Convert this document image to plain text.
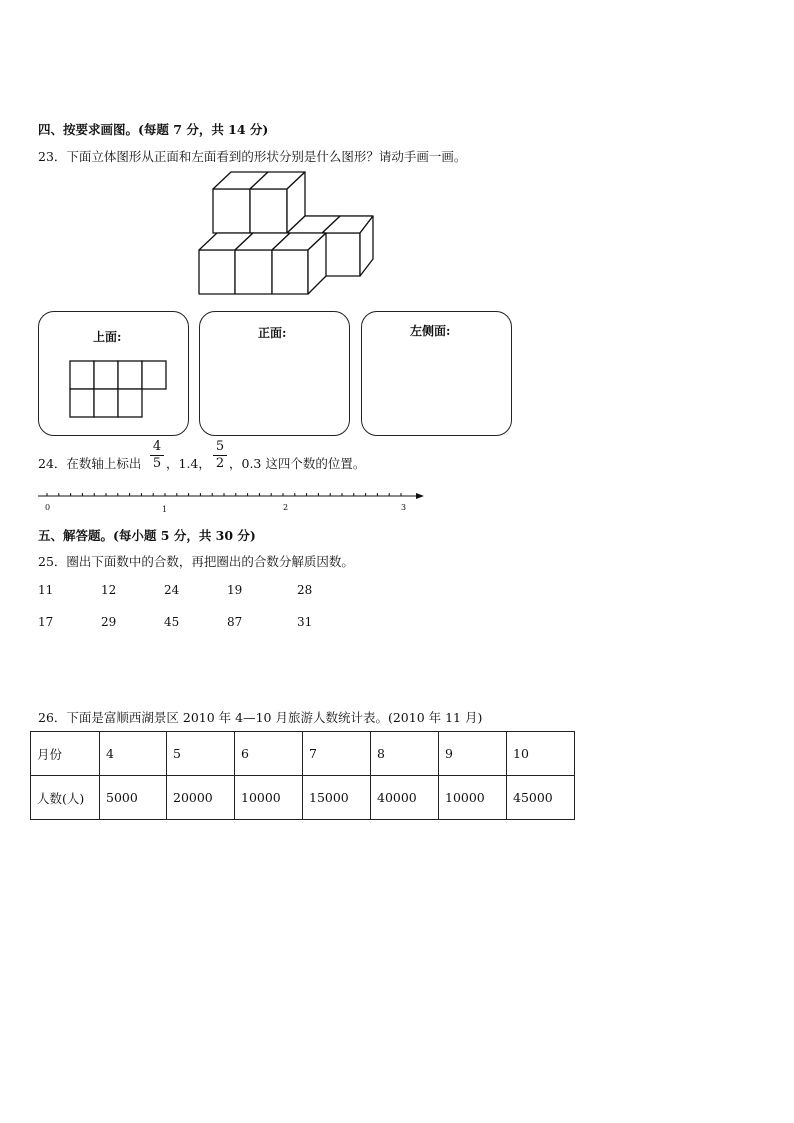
四、按要求画图。(每题 7 分，共 14 分)
23．下面立体图形从正面和左面看到的形状分别是什么图形？请动手画一画。
上面:	正面:	左侧面:
24．在数轴上标出
4
5 ，1.4，
5
2 ，0.3 这四个数的位置。
0	1	2	3
五、解答题。(每小题 5 分，共 30 分)
25．圈出下面数中的合数，再把圈出的合数分解质因数。
11	12	24	19	28
17	29	45	87	31
26．下面是富顺西湖景区 2010 年 4—10 月旅游人数统计表。(2010 年 11 月)
月份	4	5	6	7	8	9	10
人数(人)	5000	20000	10000	15000	40000	10000	45000
